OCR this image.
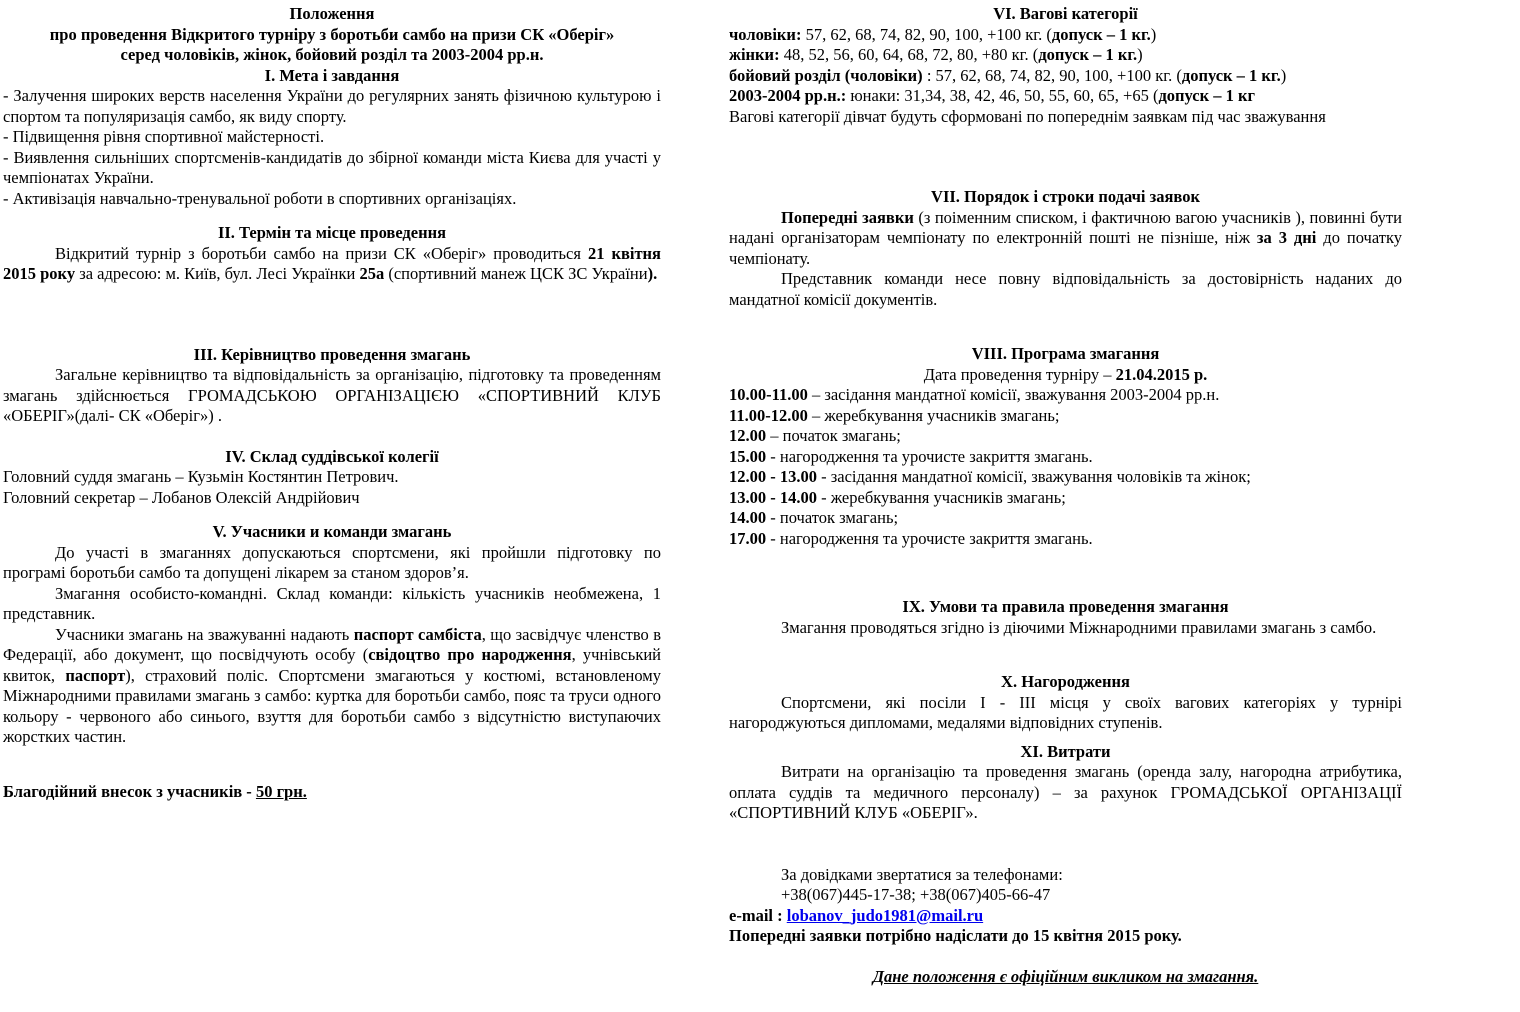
Положення
про проведення Відкритого турніру з боротьби самбо на призи СК «Оберіг»
серед чоловіків, жінок, бойовий розділ та 2003-2004 рр.н.
I. Мета і завдання
- Залучення широких верств населення України до регулярних занять фізичною культурою і спортом та популяризація самбо, як виду спорту.
- Підвищення рівня спортивної майстерності.
- Виявлення сильніших спортсменів-кандидатів до збірної команди міста Києва для участі у чемпіонатах України.
- Активізація навчально-тренувальної роботи в спортивних організаціях.
II. Термін та місце проведення
Відкритий турнір з боротьби самбо на призи СК «Оберіг» проводиться 21 квітня 2015 року за адресою: м. Київ, бул. Лесі Українки 25а (спортивний манеж ЦСК ЗС України).
III. Керівництво проведення змагань
Загальне керівництво та відповідальність за організацію, підготовку та проведенням змагань здійснюється ГРОМАДСЬКОЮ ОРГАНІЗАЦІЄЮ «СПОРТИВНИЙ КЛУБ «ОБЕРІГ»(далі- СК «Оберіг») .
IV. Склад суддівської колегії
Головний суддя змагань – Кузьмін Костянтин Петрович.
Головний секретар – Лобанов Олексій Андрійович
V. Учасники и команди змагань
До участі в змаганнях допускаються спортсмени, які пройшли підготовку по програмі боротьби самбо та допущені лікарем за станом здоров’я.
Змагання особисто-командні. Склад команди: кількість учасників необмежена, 1 представник.
Учасники змагань на зважуванні надають паспорт самбіста, що засвідчує членство в Федерації, або документ, що посвідчують особу (свідоцтво про народження, учнівський квиток, паспорт), страховий поліс. Спортсмени змагаються у костюмі, встановленому Міжнародними правилами змагань з самбо: куртка для боротьби самбо, пояс та труси одного кольору - червоного або синього, взуття для боротьби самбо з відсутністю виступаючих жорстких частин.
Благодійний внесок з учасників - 50 грн.
VI. Вагові категорії
чоловіки: 57, 62, 68, 74, 82, 90, 100, +100 кг. (допуск – 1 кг.)
жінки: 48, 52, 56, 60, 64, 68, 72, 80, +80 кг. (допуск – 1 кг.)
бойовий розділ (чоловіки) : 57, 62, 68, 74, 82, 90, 100, +100 кг. (допуск – 1 кг.)
2003-2004 рр.н.: юнаки: 31,34, 38, 42, 46, 50, 55, 60, 65, +65 (допуск – 1 кг
Вагові категорії дівчат будуть сформовані по попереднім заявкам під час зважування
VII. Порядок і строки подачі заявок
Попередні заявки (з поіменним списком, і фактичною вагою учасників ), повинні бути надані організаторам чемпіонату по електронній пошті не пізніше, ніж за 3 дні до початку чемпіонату.
Представник команди несе повну відповідальність за достовірність наданих до мандатної комісії документів.
VIII. Програма змагання
Дата проведення турніру – 21.04.2015 р.
10.00-11.00 – засідання мандатної комісії, зважування 2003-2004 рр.н.
11.00-12.00 – жеребкування учасників змагань;
12.00 – початок змагань;
15.00 - нагородження та урочисте закриття змагань.
12.00 - 13.00 - засідання мандатної комісії, зважування чоловіків та жінок;
13.00 - 14.00 - жеребкування учасників змагань;
14.00 - початок змагань;
17.00 - нагородження та урочисте закриття змагань.
IX. Умови та правила проведення змагання
Змагання проводяться згідно із діючими Міжнародними правилами змагань з самбо.
X. Нагородження
Спортсмени, які посіли I - III місця у своїх вагових категоріях у турнірі нагороджуються дипломами, медалями відповідних ступенів.
XI. Витрати
Витрати на організацію та проведення змагань (оренда залу, нагородна атрибутика, оплата суддів та медичного персоналу) – за рахунок ГРОМАДСЬКОЇ ОРГАНІЗАЦІЇ «СПОРТИВНИЙ КЛУБ «ОБЕРІГ».
За довідками звертатися за телефонами:
+38(067)445-17-38; +38(067)405-66-47
e-mail : lobanov_judo1981@mail.ru
Попередні заявки потрібно надіслати до 15 квітня 2015 року.
Дане положення є офіційним викликом на змагання.
